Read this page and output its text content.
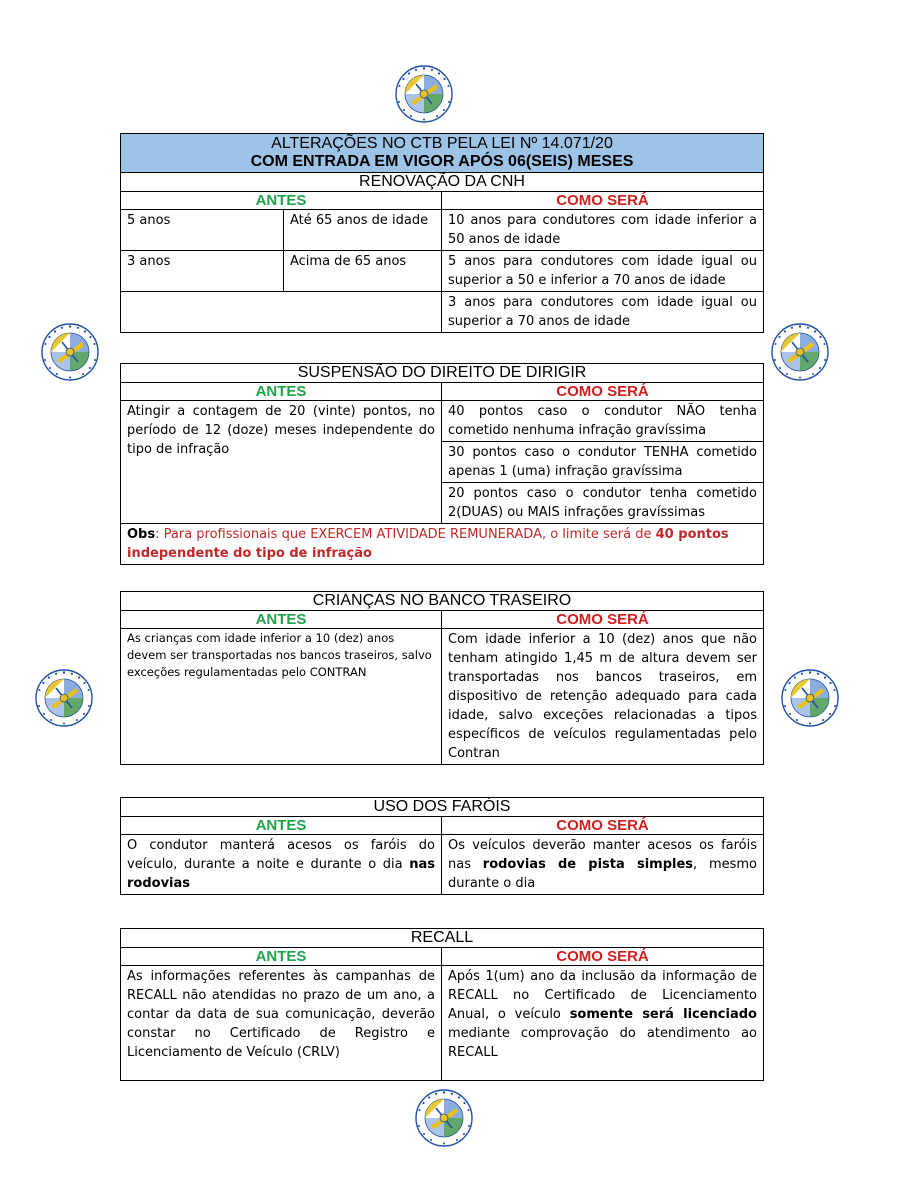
ALTERAÇÕES NO CTB PELA LEI Nº 14.071/20
COM ENTRADA EM VIGOR APÓS 06(SEIS) MESES		

RENOVAÇÃO DA CNH		
ANTES		COMO SERÁ
5 anos	Até 65 anos de idade	10 anos para condutores com idade inferior a 50 anos de idade
3 anos	Acima de 65 anos	5 anos para condutores com idade igual ou superior a 50 e inferior a 70 anos de idade
		3 anos para condutores com idade igual ou superior a 70 anos de idade
SUSPENSÃO DO DIREITO DE DIRIGIR	
ANTES	COMO SERÁ
Atingir a contagem de 20 (vinte) pontos, no período de 12 (doze) meses independente do tipo de infração	40 pontos caso o condutor NÃO tenha cometido nenhuma infração gravíssima
	30 pontos caso o condutor TENHA cometido apenas 1 (uma) infração gravíssima
	20 pontos caso o condutor tenha cometido 2(DUAS) ou MAIS infrações gravíssimas
Obs: Para profissionais que EXERCEM ATIVIDADE REMUNERADA, o limite será de 40 pontos independente do tipo de infração	
CRIANÇAS NO BANCO TRASEIRO	
ANTES	COMO SERÁ
As crianças com idade inferior a 10 (dez) anos devem ser transportadas nos bancos traseiros, salvo exceções regulamentadas pelo CONTRAN	Com idade inferior a 10 (dez) anos que não tenham atingido 1,45 m de altura devem ser transportadas nos bancos traseiros, em dispositivo de retenção adequado para cada idade, salvo exceções relacionadas a tipos específicos de veículos regulamentadas pelo Contran
USO DOS FARÓIS	
ANTES	COMO SERÁ
O condutor manterá acesos os faróis do veículo, durante a noite e durante o dia nas rodovias	Os veículos deverão manter acesos os faróis nas rodovias de pista simples, mesmo durante o dia
RECALL	
ANTES	COMO SERÁ
As informações referentes às campanhas de RECALL não atendidas no prazo de um ano, a contar da data de sua comunicação, deverão constar no Certificado de Registro e Licenciamento de Veículo (CRLV)	Após 1(um) ano da inclusão da informação de RECALL no Certificado de Licenciamento Anual, o veículo somente será licenciado mediante comprovação do atendimento ao RECALL
